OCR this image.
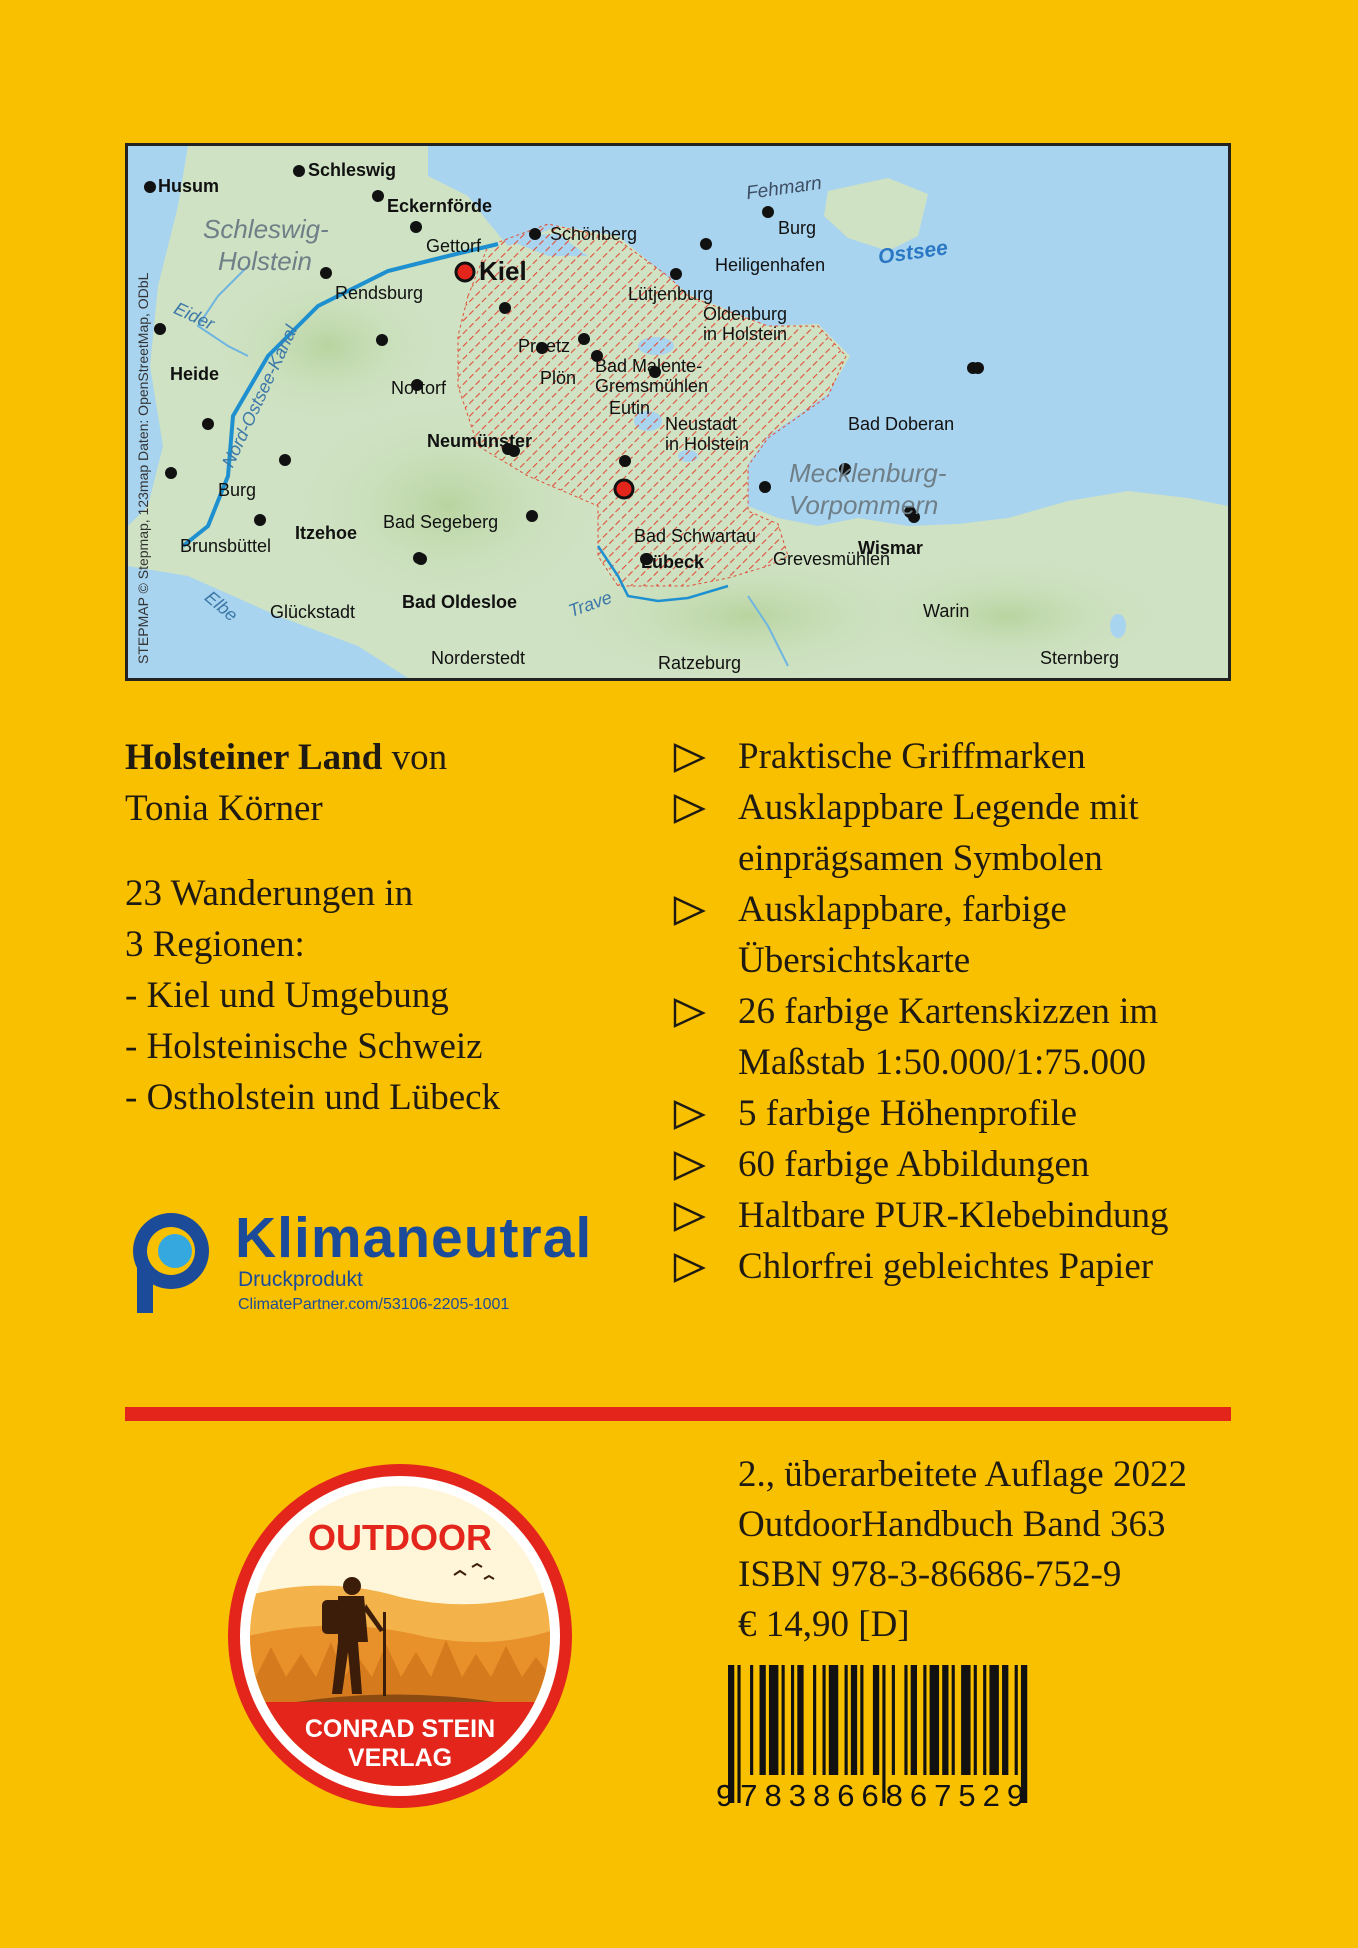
Husum
Schleswig
Eckernförde
Gettorf
Schönberg	Burg
Heiligenhafen
Kiel
Rendsburg	Lütjenburg
Oldenburg
in Holstein
Preetz
Heide	Plön
Bad Malente-
Gremsmühlen
Nortorf
Eutin
Neustadt
in Holstein
Bad Doberan
Neumünster
Burg
Bad Segeberg
Brunsbüttel
Itzehoe	Bad Schwartau
Wismar
Lübeck	Grevesmühlen
Glückstadt	Bad Oldesloe	Warin
Norderstedt	Sternberg
Ratzeburg
Schleswig-
Holstein
Mecklenburg-
Vorpommern
Ostsee
Fehmarn
Eider
Nord-Ostsee-Kanal
Elbe	Trave
STEPMAP © Stepmap, 123map Daten: OpenStreetMap, ODbL
Holsteiner Land von
Tonia Körner
23 Wanderungen in
3 Regionen:
- Kiel und Umgebung
- Holsteinische Schweiz
- Ostholstein und Lübeck
Praktische Griffmarken
Ausklappbare Legende mit
einprägsamen Symbolen
Ausklappbare, farbige
Übersichtskarte
26 farbige Kartenskizzen im
Maßstab 1:50.000/1:75.000
5 farbige Höhenprofile
60 farbige Abbildungen
Haltbare PUR-Klebebindung
Chlorfrei gebleichtes Papier
Klimaneutral
Druckprodukt
ClimatePartner.com/53106-2205-1001
OUTDOOR
CONRAD STEIN
VERLAG
2., überarbeitete Auflage 2022
OutdoorHandbuch Band 363
ISBN 978-3-86686-752-9
€ 14,90 [D]
9783866867529
